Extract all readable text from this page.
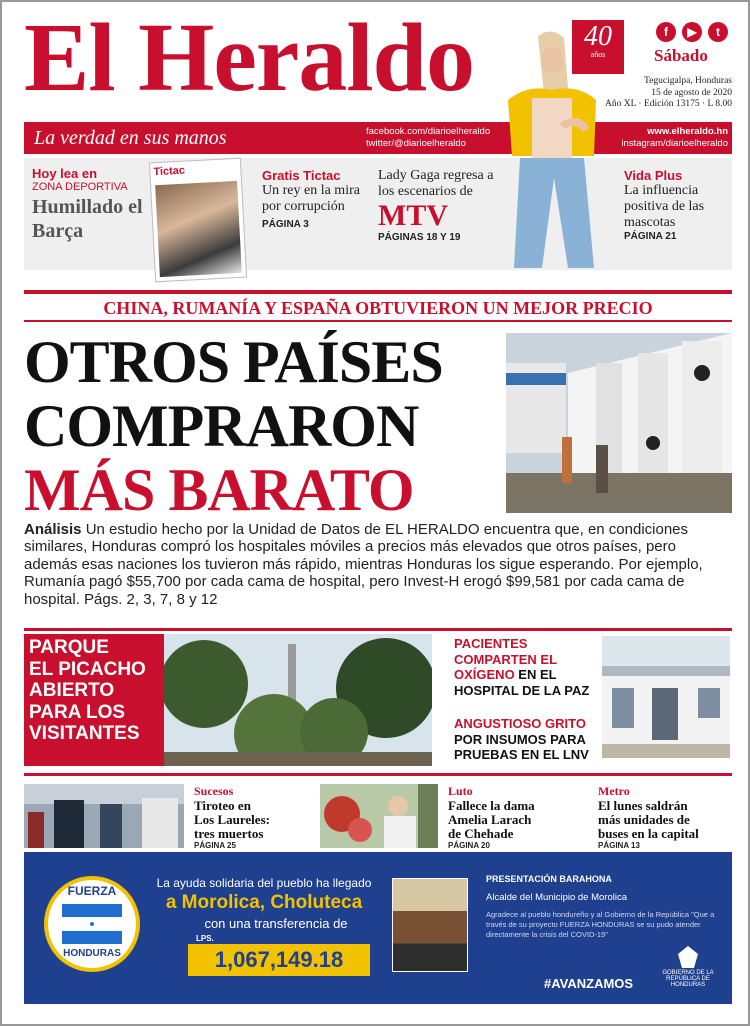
El Heraldo	40
años
f	▶	t
Sábado
Tegucigalpa, Honduras
15 de agosto de 2020
Año XL · Edición 13175 · L 8.00
La verdad en sus manos	facebook.com/diarioelheraldo
twitter/@diarioelheraldo
www.elheraldo.hn
instagram/diarioelheraldo
Hoy lea en
ZONA DEPORTIVA
Humillado el Barça
Tictac	Gratis Tictac
Un rey en la mira por corrupción
PÁGINA 3
Lady Gaga regresa a los escenarios de
MTV
PÁGINAS 18 Y 19
Vida Plus
La influencia positiva de las mascotas
PÁGINA 21
CHINA, RUMANÍA Y ESPAÑA OBTUVIERON UN MEJOR PRECIO
OTROS PAÍSES
COMPRARON
MÁS BARATO
Análisis Un estudio hecho por la Unidad de Datos de EL HERALDO encuentra que, en condiciones similares, Honduras compró los hospitales móviles a precios más elevados que otros países, pero además esas naciones los tuvieron más rápido, mientras Honduras los sigue esperando. Por ejemplo, Rumanía pagó $55,700 por cada cama de hospital, pero Invest-H erogó $99,581 por cada cama de hospital. Págs. 2, 3, 7, 8 y 12
PARQUE
EL PICACHO
ABIERTO
PARA LOS
VISITANTES
PACIENTES
COMPARTEN EL
OXÍGENO EN EL
HOSPITAL DE LA PAZ
ANGUSTIOSO GRITO
POR INSUMOS PARA
PRUEBAS EN EL LNV
Sucesos
Tiroteo en
Los Laureles:
tres muertos
PÁGINA 25
Luto
Fallece la dama
Amelia Larach
de Chehade
PÁGINA 20
Metro
El lunes saldrán
más unidades de
buses en la capital
PÁGINA 13
FUERZA
HONDURAS
La ayuda solidaria del pueblo ha llegado
a Morolica, Choluteca
con una transferencia de
1,067,149.18
LPS.
PRESENTACIÓN BARAHONA
Alcalde del Municipio de Morolica
Agradece al pueblo hondureño y al Gobierno de la República "Que a través de su proyecto FUERZA HONDURAS se su pudo atender directamente la crisis del COVID-19"
#AVANZAMOS
GOBIERNO DE LA REPÚBLICA DE HONDURAS
